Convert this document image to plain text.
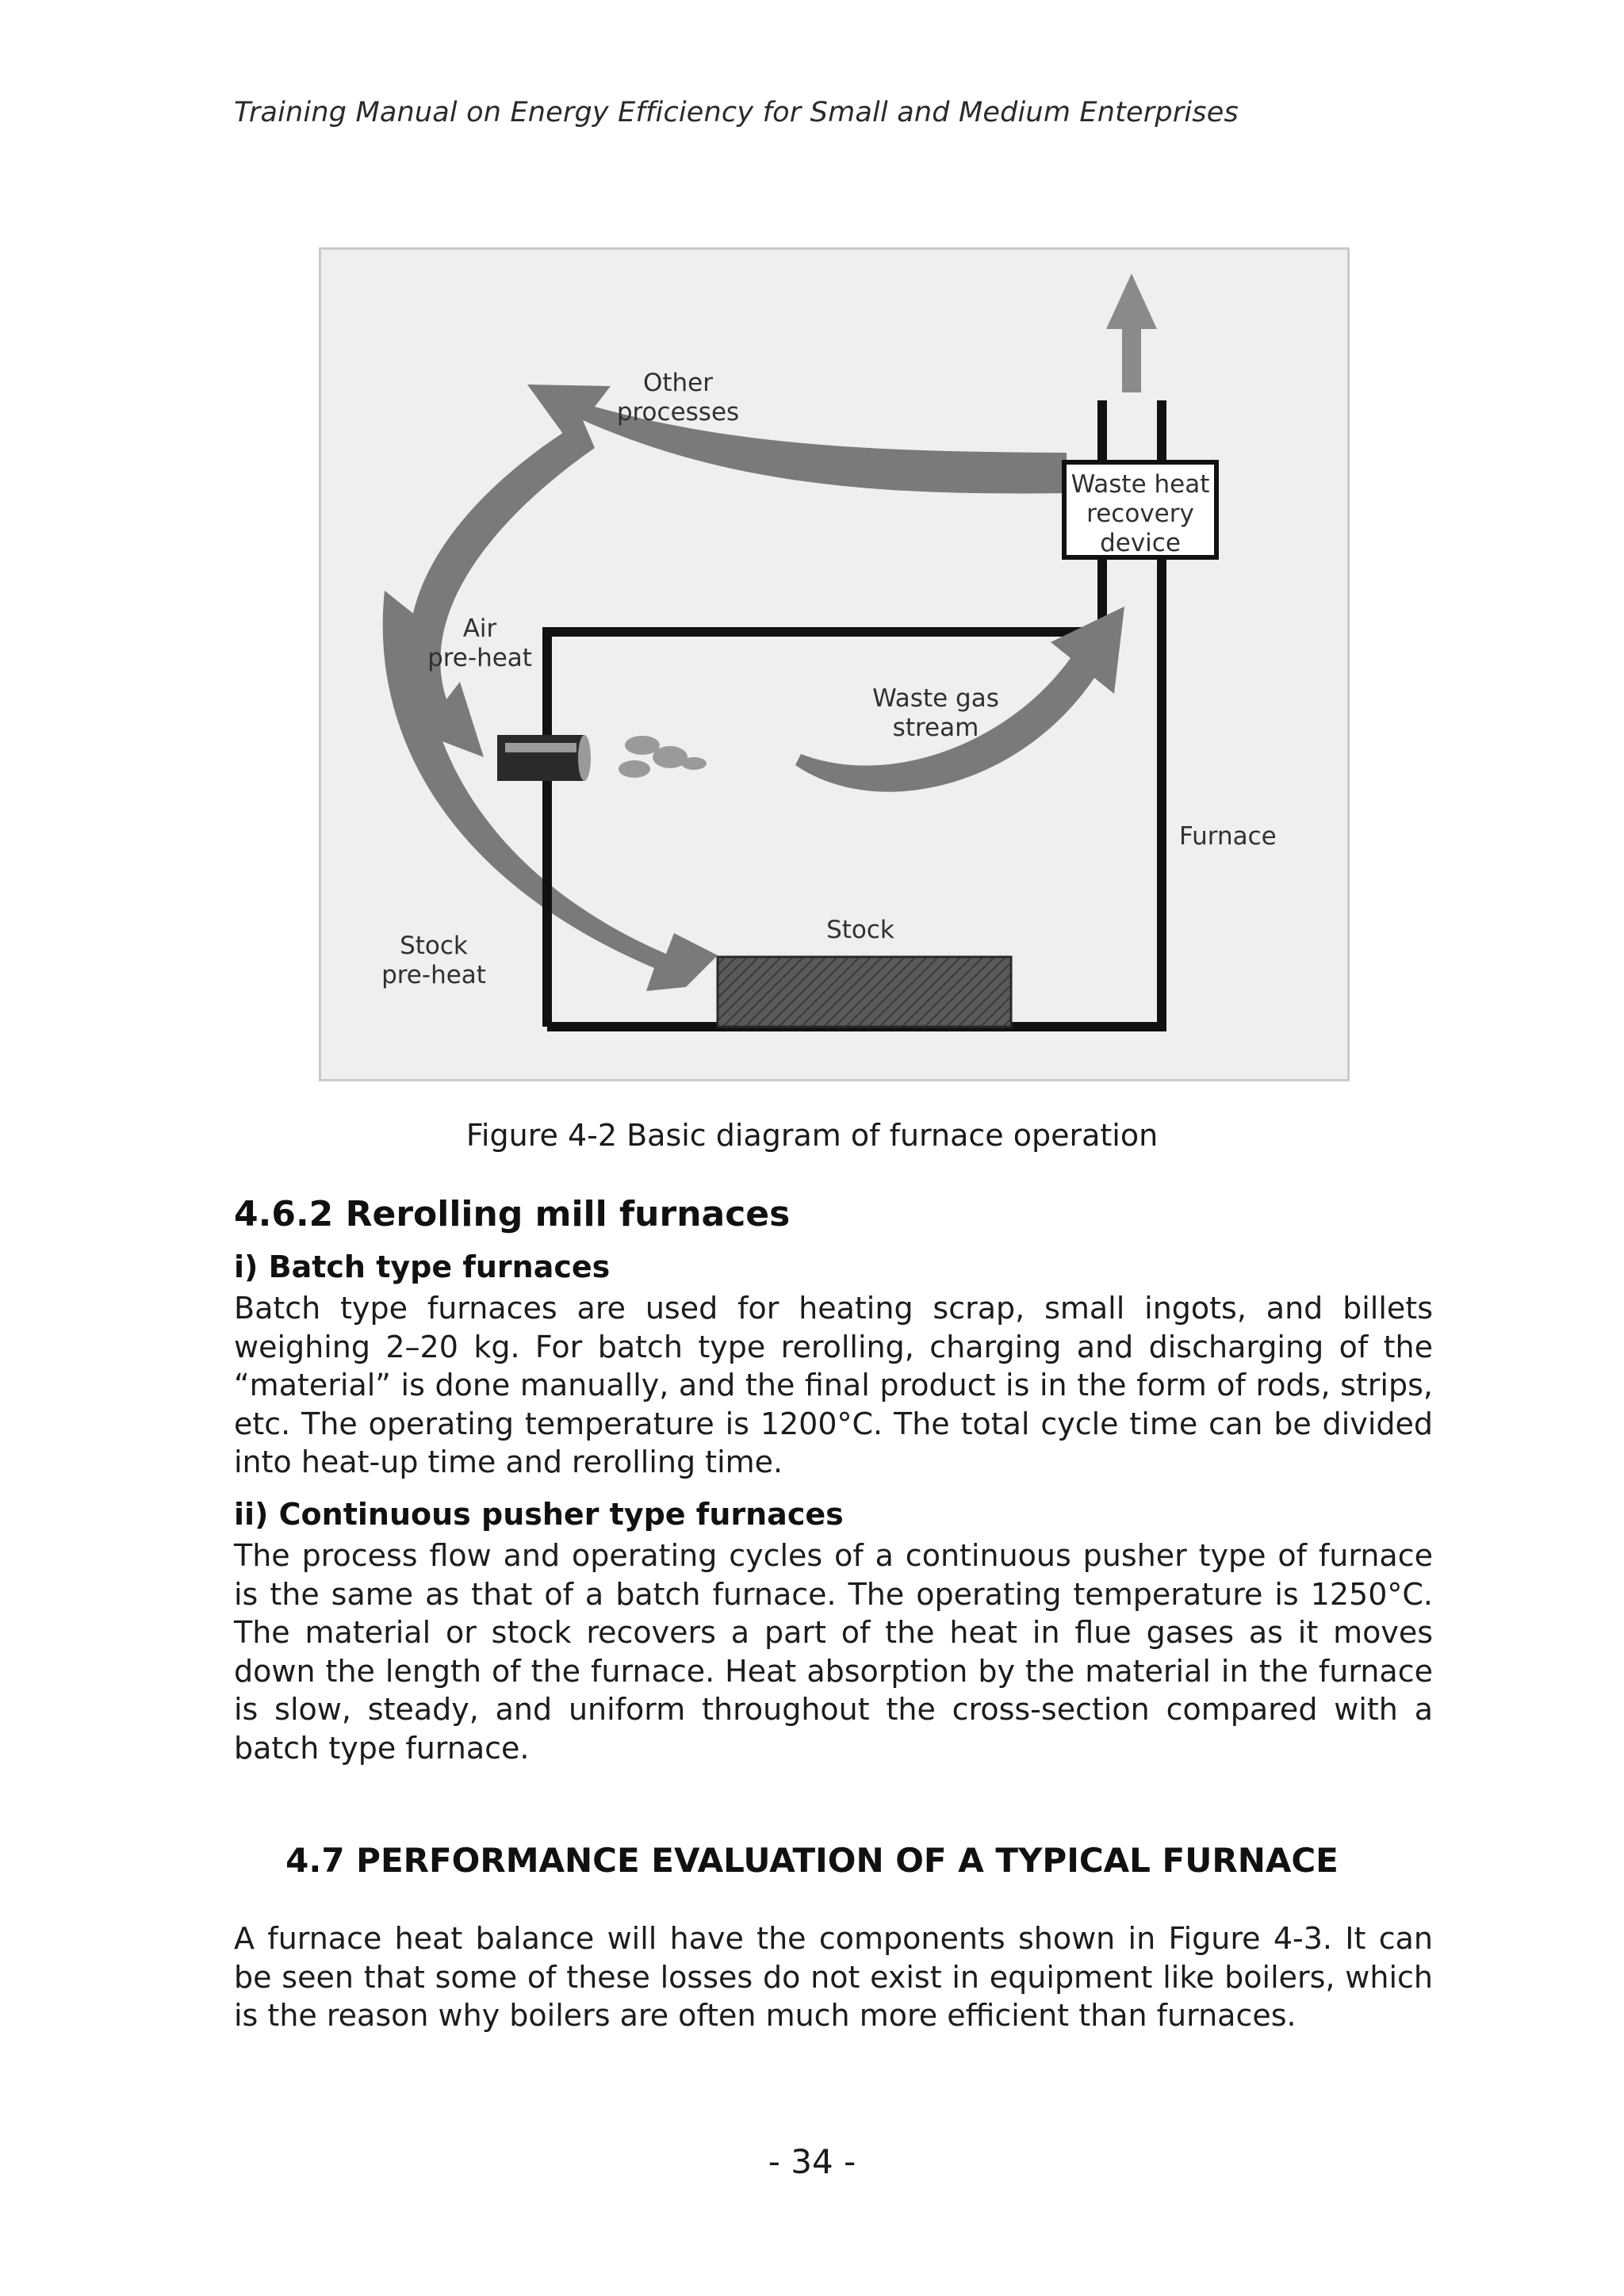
Training Manual on Energy Efficiency for Small and Medium Enterprises
Other
processes
Waste heat
recovery
device
Air
pre-heat
Waste gas
stream
Furnace
Stock
Stock
pre-heat
Figure 4-2 Basic diagram of furnace operation
4.6.2 Rerolling mill furnaces
i) Batch type furnaces
Batch type furnaces are used for heating scrap, small ingots, and billets weighing 2–20 kg. For batch type rerolling, charging and discharging of the “material” is done manually, and the final product is in the form of rods, strips, etc. The operating temperature is 1200°C. The total cycle time can be divided into heat-up time and rerolling time.
ii) Continuous pusher type furnaces
The process flow and operating cycles of a continuous pusher type of furnace is the same as that of a batch furnace. The operating temperature is 1250°C. The material or stock recovers a part of the heat in flue gases as it moves down the length of the furnace. Heat absorption by the material in the furnace is slow, steady, and uniform throughout the cross-section compared with a batch type furnace.
4.7 PERFORMANCE EVALUATION OF A TYPICAL FURNACE
A furnace heat balance will have the components shown in Figure 4-3. It can be seen that some of these losses do not exist in equipment like boilers, which is the reason why boilers are often much more efficient than furnaces.
- 34 -
